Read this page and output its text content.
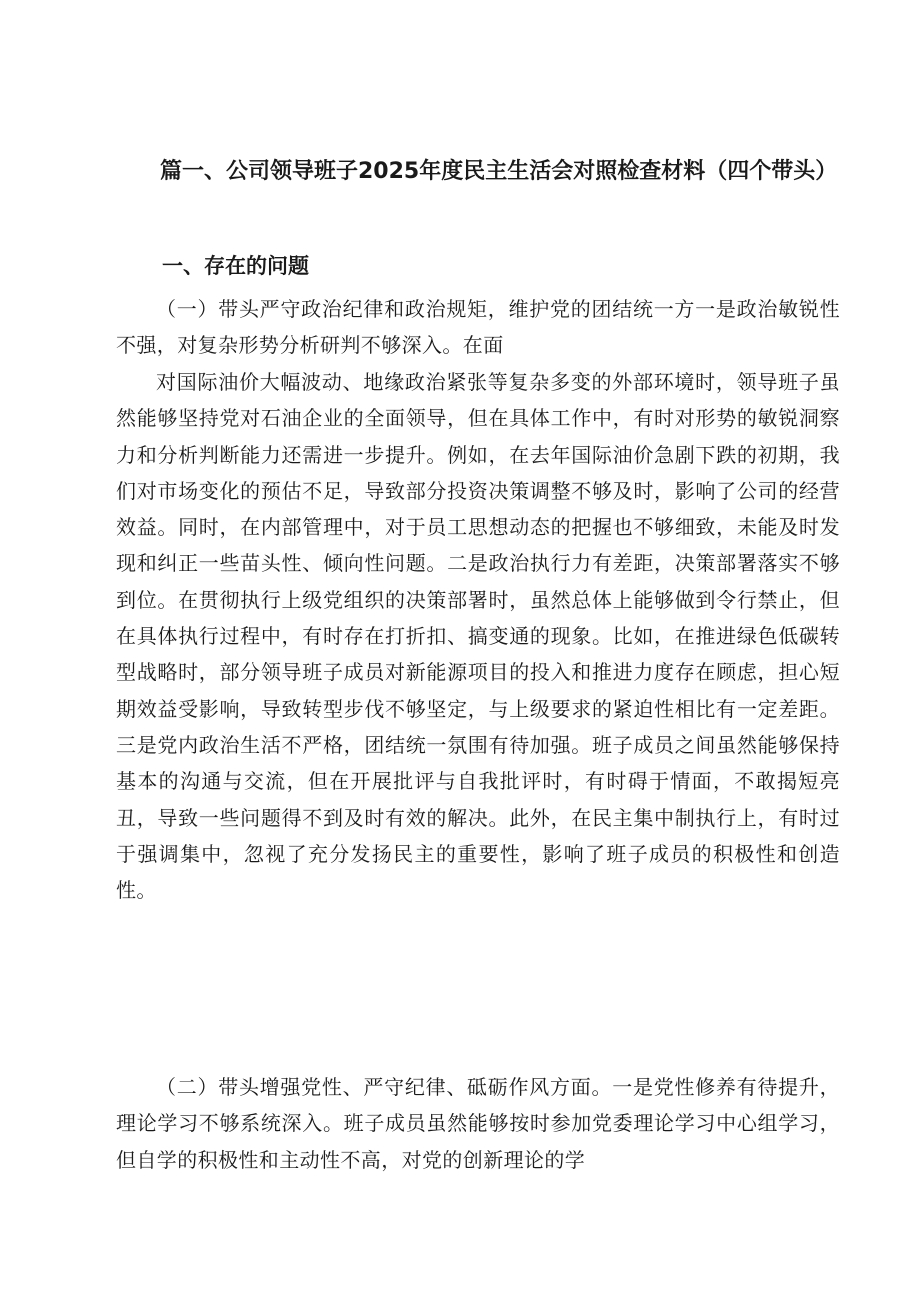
篇一、公司领导班子2025年度民主生活会对照检查材料（四个带头）
一、存在的问题

（一）带头严守政治纪律和政治规矩，维护党的团结统一方一是政治敏锐性不强，对复杂形势分析研判不够深入。在面

对国际油价大幅波动、地缘政治紧张等复杂多变的外部环境时，领导班子虽然能够坚持党对石油企业的全面领导，但在具体工作中，有时对形势的敏锐洞察力和分析判断能力还需进一步提升。例如，在去年国际油价急剧下跌的初期，我们对市场变化的预估不足，导致部分投资决策调整不够及时，影响了公司的经营效益。同时，在内部管理中，对于员工思想动态的把握也不够细致，未能及时发现和纠正一些苗头性、倾向性问题。二是政治执行力有差距，决策部署落实不够到位。在贯彻执行上级党组织的决策部署时，虽然总体上能够做到令行禁止，但在具体执行过程中，有时存在打折扣、搞变通的现象。比如，在推进绿色低碳转型战略时，部分领导班子成员对新能源项目的投入和推进力度存在顾虑，担心短期效益受影响，导致转型步伐不够坚定，与上级要求的紧迫性相比有一定差距。三是党内政治生活不严格，团结统一氛围有待加强。班子成员之间虽然能够保持基本的沟通与交流，但在开展批评与自我批评时，有时碍于情面，不敢揭短亮丑，导致一些问题得不到及时有效的解决。此外，在民主集中制执行上，有时过于强调集中，忽视了充分发扬民主的重要性，影响了班子成员的积极性和创造性。

（二）带头增强党性、严守纪律、砥砺作风方面。一是党性修养有待提升，理论学习不够系统深入。班子成员虽然能够按时参加党委理论学习中心组学习，但自学的积极性和主动性不高，对党的创新理论的学
